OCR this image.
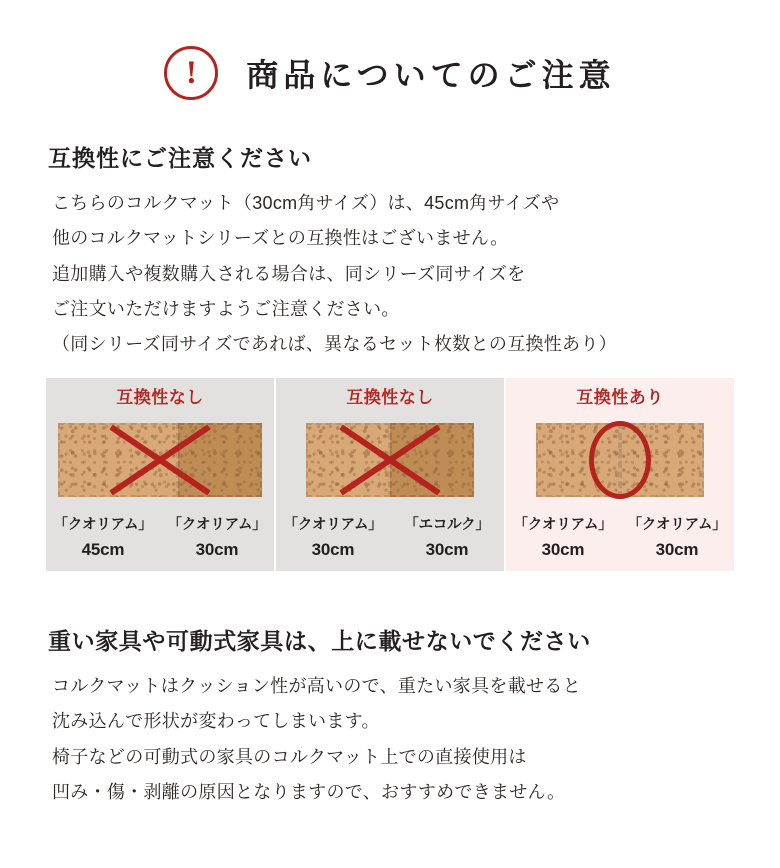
!	商品についてのご注意
互換性にご注意ください

こちらのコルクマット（30cm角サイズ）は、45cm角サイズや

他のコルクマットシリーズとの互換性はございません。

追加購入や複数購入される場合は、同シリーズ同サイズを

ご注文いただけますようご注意ください。

（同シリーズ同サイズであれば、異なるセット枚数との互換性あり）

互換性なし
「クオリアム」
45cm
「クオリアム」
30cm
互換性なし
「クオリアム」
30cm
「エコルク」
30cm
互換性あり
「クオリアム」
30cm
「クオリアム」
30cm
重い家具や可動式家具は、上に載せないでください

コルクマットはクッション性が高いので、重たい家具を載せると

沈み込んで形状が変わってしまいます。

椅子などの可動式の家具のコルクマット上での直接使用は

凹み・傷・剥離の原因となりますので、おすすめできません。
